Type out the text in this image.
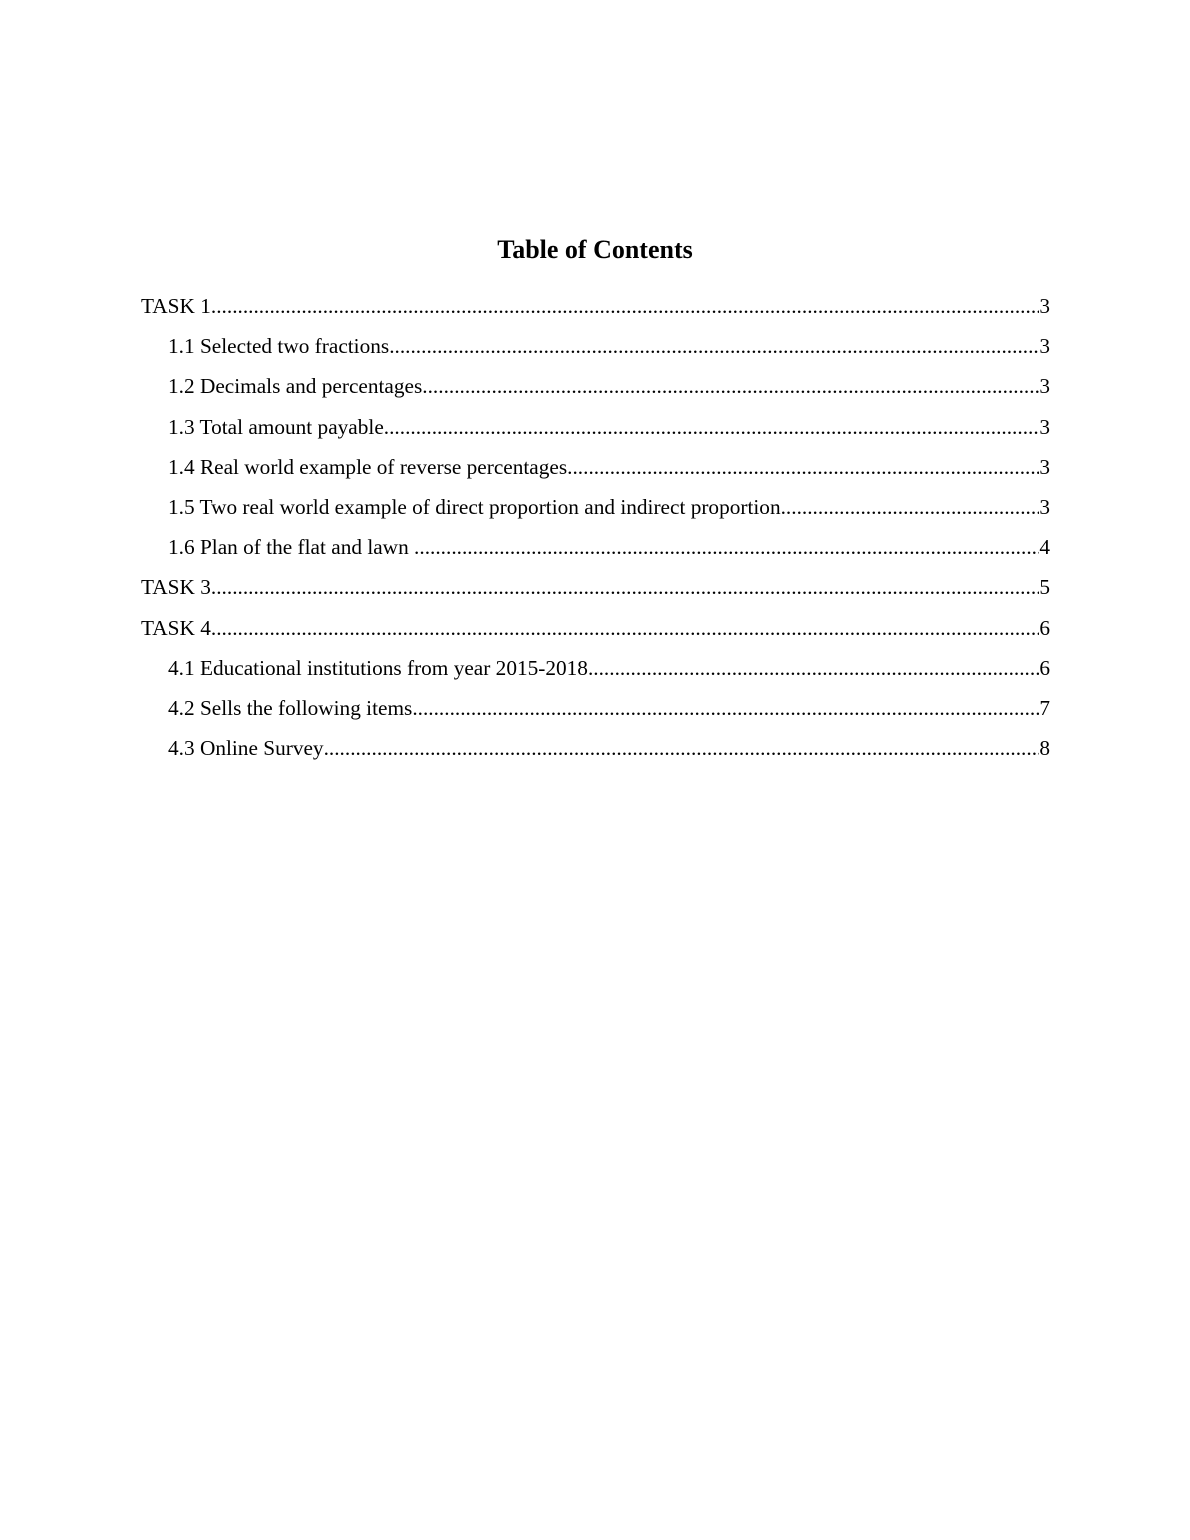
Table of Contents
TASK 1 .....	3
1.1 Selected two fractions .....	3
1.2 Decimals and percentages .....	3
1.3 Total amount payable .....	3
1.4 Real world example of reverse percentages .....	3
1.5 Two real world example of direct proportion and indirect proportion .....	3
1.6 Plan of the flat and lawn .....	4
TASK 3 .....	5
TASK 4 .....	6
4.1 Educational institutions from year 2015-2018 .....	6
4.2 Sells the following items .....	7
4.3 Online Survey .....	8
